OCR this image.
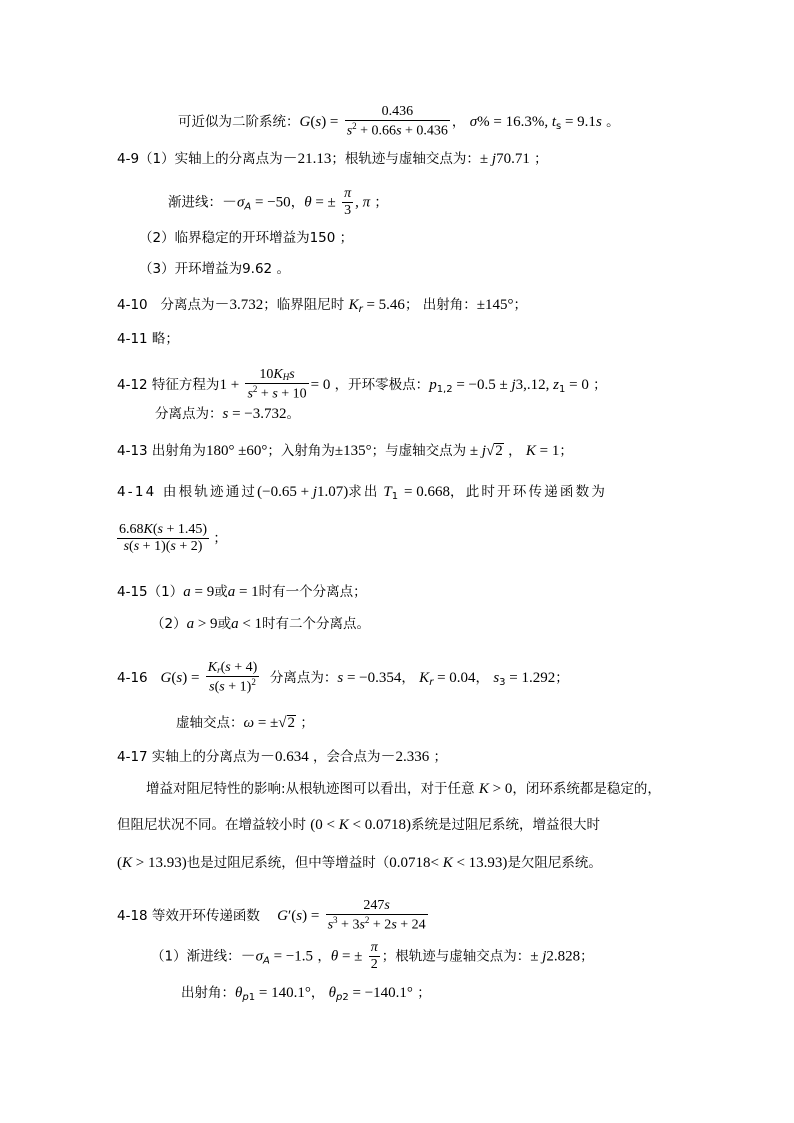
可近似为二阶系统：$G(s) = \frac{0.436}{s^2 + 0.66s + 0.436}$ ， σ% = 16.3%, $t_s = 9.1s$ 。
4-9（1）实轴上的分离点为－21.13；根轨迹与虚轴交点为：± j70.71 ；
渐进线：$-\sigma_A = -50$，θ = ± $\frac{\pi}{3}$ , π ；
（2）临界稳定的开环增益为150 ；
（3）开环增益为9.62 。
4-10   分离点为－3.732；临界阻尼时 $K_r = 5.46$； 出射角：±145°；
4-11 略；
4-12 特征方程为$1 + \frac{\text{10KHs}}{s^2 + s + 10} = 0$ ，开环零极点：$p_{1,2} = -0.5 \pm j3,.12$, $z_1 = 0$ ；
分离点为：s = −3.732。
4-13 出射角为180° ±60°；入射角为±135°；与虚轴交点为 ± j√2 ， K = 1；
4-14 由根轨迹通过(−0.65 + j1.07)求出 $T_1 = 0.668$，此时开环传递函数为
$\frac{6.68K(s + 1.45)}{s(s + 1)(s + 2)}$ ；
4-15（1）a = 9或a = 1时有一个分离点；
（2）a > 9或a < 1时有二个分离点。
4-16   $G(s) = \frac{Kr(s + 4)}{s(s + 1)^2}$ 分离点为：s = −0.354， $K_r = 0.04$， $s_3 = 1.292$；
虚轴交点：ω = ±√2 ；
4-17 实轴上的分离点为－0.634 ，会合点为－2.336 ；
增益对阻尼特性的影响:从根轨迹图可以看出，对于任意 K > 0，闭环系统都是稳定的，
但阻尼状况不同。在增益较小时 (0 < K < 0.0718)系统是过阻尼系统，增益很大时
(K > 13.93)也是过阻尼系统，但中等增益时（0.0718< K < 13.93)是欠阻尼系统。
4-18 等效开环传递函数    $G'(s) = \frac{247s}{s^3 + 3s^2 + 2s + 24}$
（1）渐进线：$-\sigma_A = -1.5$ ，θ = ± $\frac{\pi}{2}$ ；根轨迹与虚轴交点为：± j2.828；
出射角：$\theta_{p1} = 140.1^\circ$， $\theta_{p2} = -140.1^\circ$ ；
